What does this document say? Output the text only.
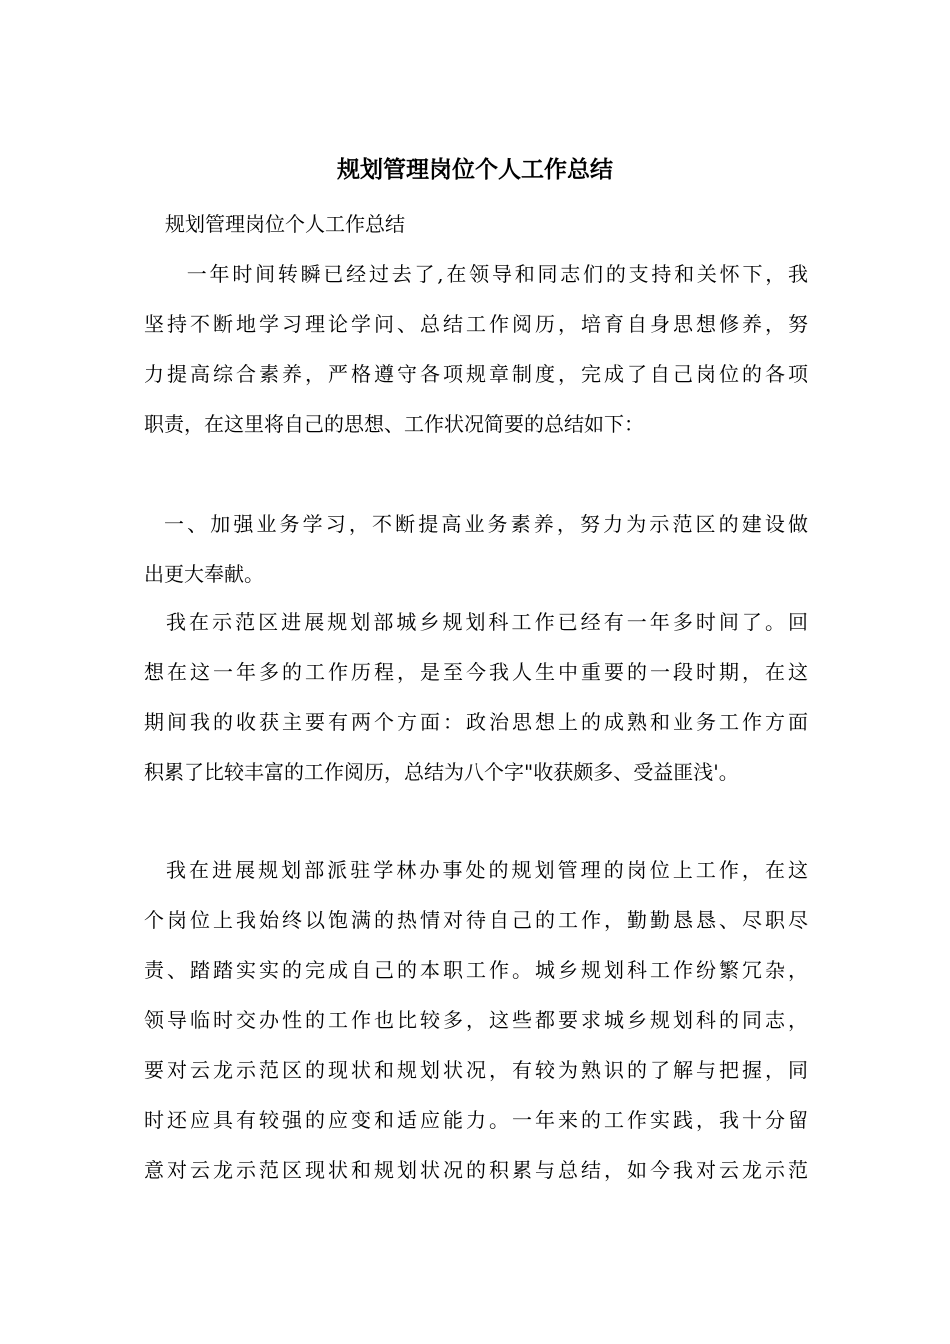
规划管理岗位个人工作总结

规划管理岗位个人工作总结

　一年时间转瞬已经过去了,在领导和同志们的支持和关怀下，我
坚持不断地学习理论学问、总结工作阅历，培育自身思想修养，努
力提高综合素养，严格遵守各项规章制度，完成了自己岗位的各项
职责，在这里将自己的思想、工作状况简要的总结如下：
一、加强业务学习，不断提高业务素养，努力为示范区的建设做
出更大奉献。
我在示范区进展规划部城乡规划科工作已经有一年多时间了。回
想在这一年多的工作历程，是至今我人生中重要的一段时期，在这
期间我的收获主要有两个方面：政治思想上的成熟和业务工作方面
积累了比较丰富的工作阅历，总结为八个字"收获颇多、受益匪浅'。
我在进展规划部派驻学林办事处的规划管理的岗位上工作，在这
个岗位上我始终以饱满的热情对待自己的工作，勤勤恳恳、尽职尽
责、踏踏实实的完成自己的本职工作。城乡规划科工作纷繁冗杂，
领导临时交办性的工作也比较多，这些都要求城乡规划科的同志，
要对云龙示范区的现状和规划状况，有较为熟识的了解与把握，同
时还应具有较强的应变和适应能力。一年来的工作实践，我十分留
意对云龙示范区现状和规划状况的积累与总结，如今我对云龙示范
